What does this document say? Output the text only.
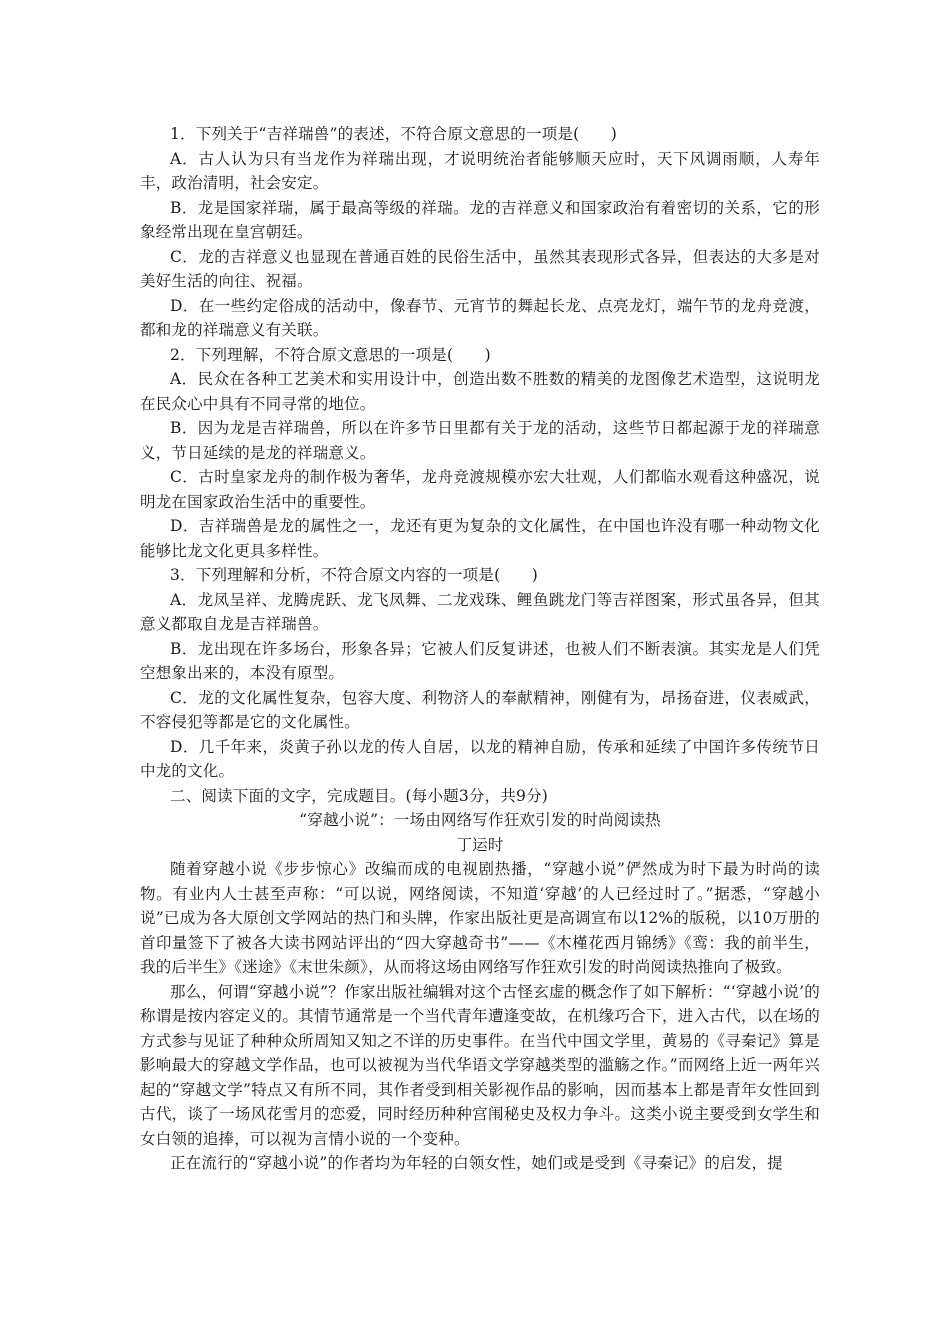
1．下列关于“吉祥瑞兽”的表述，不符合原文意思的一项是(　　)

A．古人认为只有当龙作为祥瑞出现，才说明统治者能够顺天应时，天下风调雨顺，人寿年丰，政治清明，社会安定。

B．龙是国家祥瑞，属于最高等级的祥瑞。龙的吉祥意义和国家政治有着密切的关系，它的形象经常出现在皇宫朝廷。

C．龙的吉祥意义也显现在普通百姓的民俗生活中，虽然其表现形式各异，但表达的大多是对美好生活的向往、祝福。

D．在一些约定俗成的活动中，像春节、元宵节的舞起长龙、点亮龙灯，端午节的龙舟竞渡，都和龙的祥瑞意义有关联。

2．下列理解，不符合原文意思的一项是(　　)

A．民众在各种工艺美术和实用设计中，创造出数不胜数的精美的龙图像艺术造型，这说明龙在民众心中具有不同寻常的地位。

B．因为龙是吉祥瑞兽，所以在许多节日里都有关于龙的活动，这些节日都起源于龙的祥瑞意义，节日延续的是龙的祥瑞意义。

C．古时皇家龙舟的制作极为奢华，龙舟竞渡规模亦宏大壮观，人们都临水观看这种盛况，说明龙在国家政治生活中的重要性。

D．吉祥瑞兽是龙的属性之一，龙还有更为复杂的文化属性，在中国也许没有哪一种动物文化能够比龙文化更具多样性。

3．下列理解和分析，不符合原文内容的一项是(　　)

A．龙凤呈祥、龙腾虎跃、龙飞凤舞、二龙戏珠、鲤鱼跳龙门等吉祥图案，形式虽各异，但其意义都取自龙是吉祥瑞兽。

B．龙出现在许多场台，形象各异；它被人们反复讲述，也被人们不断表演。其实龙是人们凭空想象出来的，本没有原型。

C．龙的文化属性复杂，包容大度、利物济人的奉献精神，刚健有为，昂扬奋进，仪表威武，不容侵犯等都是它的文化属性。

D．几千年来，炎黄子孙以龙的传人自居，以龙的精神自励，传承和延续了中国许多传统节日中龙的文化。

二、阅读下面的文字，完成题目。(每小题3分，共9分)

“穿越小说”：一场由网络写作狂欢引发的时尚阅读热

丁运时

随着穿越小说《步步惊心》改编而成的电视剧热播，“穿越小说”俨然成为时下最为时尚的读物。有业内人士甚至声称：“可以说，网络阅读，不知道‘穿越’的人已经过时了。”据悉，“穿越小说”已成为各大原创文学网站的热门和头牌，作家出版社更是高调宣布以12%的版税，以10万册的首印量签下了被各大读书网站评出的“四大穿越奇书”——《木槿花西月锦绣》《鸾：我的前半生，我的后半生》《迷途》《末世朱颜》，从而将这场由网络写作狂欢引发的时尚阅读热推向了极致。

那么，何谓“穿越小说”？作家出版社编辑对这个古怪玄虚的概念作了如下解析：“‘穿越小说’的称谓是按内容定义的。其情节通常是一个当代青年遭逢变故，在机缘巧合下，进入古代，以在场的方式参与见证了种种众所周知又知之不详的历史事件。在当代中国文学里，黄易的《寻秦记》算是影响最大的穿越文学作品，也可以被视为当代华语文学穿越类型的滥觞之作。”而网络上近一两年兴起的“穿越文学”特点又有所不同，其作者受到相关影视作品的影响，因而基本上都是青年女性回到古代，谈了一场风花雪月的恋爱，同时经历种种宫闱秘史及权力争斗。这类小说主要受到女学生和女白领的追捧，可以视为言情小说的一个变种。

正在流行的“穿越小说”的作者均为年轻的白领女性，她们或是受到《寻秦记》的启发，提
